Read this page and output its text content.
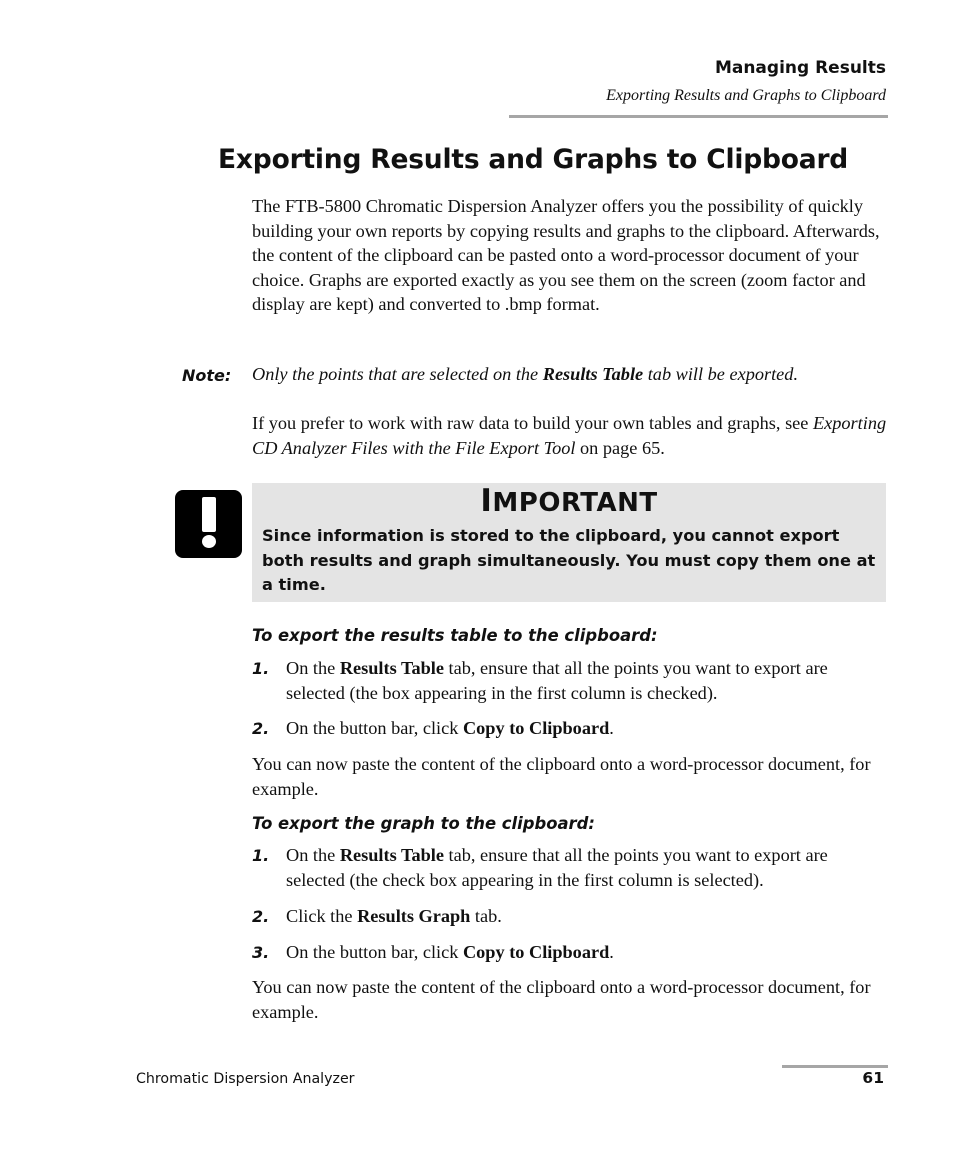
Managing Results
Exporting Results and Graphs to Clipboard
Exporting Results and Graphs to Clipboard

The FTB-5800 Chromatic Dispersion Analyzer offers you the possibility of quickly building your own reports by copying results and graphs to the clipboard. Afterwards, the content of the clipboard can be pasted onto a word-processor document of your choice. Graphs are exported exactly as you see them on the screen (zoom factor and display are kept) and converted to .bmp format.

Note: Only the points that are selected on the Results Table tab will be exported.

If you prefer to work with raw data to build your own tables and graphs, see Exporting CD Analyzer Files with the File Export Tool on page 65.

IMPORTANT
Since information is stored to the clipboard, you cannot export both results and graph simultaneously. You must copy them one at a time.
To export the results table to the clipboard:
1. On the Results Table tab, ensure that all the points you want to export are selected (the box appearing in the first column is checked).
2. On the button bar, click Copy to Clipboard.

You can now paste the content of the clipboard onto a word-processor document, for example.

To export the graph to the clipboard:
1. On the Results Table tab, ensure that all the points you want to export are selected (the check box appearing in the first column is selected).
2. Click the Results Graph tab.
3. On the button bar, click Copy to Clipboard.

You can now paste the content of the clipboard onto a word-processor document, for example.

Chromatic Dispersion Analyzer	61
